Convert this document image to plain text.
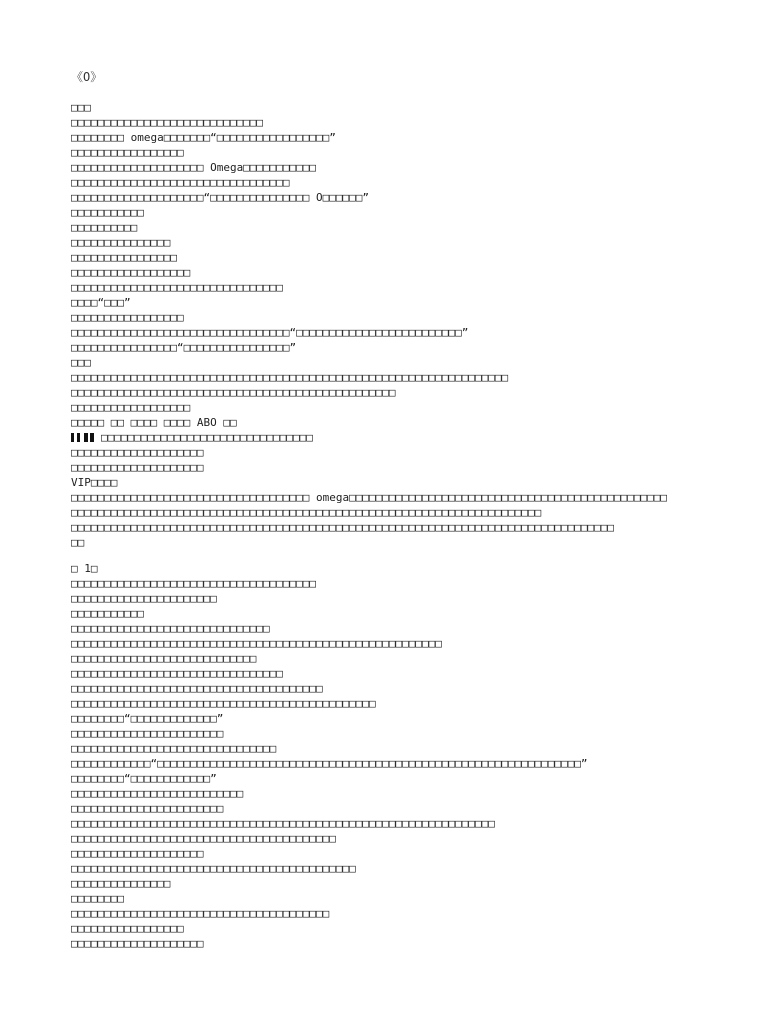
《O》
□□□
□□□□□□□□□□□□□□□□□□□□□□□□□□□□□
□□□□□□□□ omega□□□□□□□“□□□□□□□□□□□□□□□□□”
□□□□□□□□□□□□□□□□□
□□□□□□□□□□□□□□□□□□□□ Omega□□□□□□□□□□□
□□□□□□□□□□□□□□□□□□□□□□□□□□□□□□□□□
□□□□□□□□□□□□□□□□□□□□“□□□□□□□□□□□□□□□ O□□□□□□”
□□□□□□□□□□□
□□□□□□□□□□
□□□□□□□□□□□□□□□
□□□□□□□□□□□□□□□□
□□□□□□□□□□□□□□□□□□
□□□□□□□□□□□□□□□□□□□□□□□□□□□□□□□□
□□□□“□□□”
□□□□□□□□□□□□□□□□□
□□□□□□□□□□□□□□□□□□□□□□□□□□□□□□□□□“□□□□□□□□□□□□□□□□□□□□□□□□□”
□□□□□□□□□□□□□□□□“□□□□□□□□□□□□□□□□”
□□□
□□□□□□□□□□□□□□□□□□□□□□□□□□□□□□□□□□□□□□□□□□□□□□□□□□□□□□□□□□□□□□□□□□
□□□□□□□□□□□□□□□□□□□□□□□□□□□□□□□□□□□□□□□□□□□□□□□□□
□□□□□□□□□□□□□□□□□□
□□□□□ □□ □□□□ □□□□ ABO □□
□□□□□□□□□□□□□□□□□□□□□□□□□□□□□□□□
□□□□□□□□□□□□□□□□□□□□
□□□□□□□□□□□□□□□□□□□□
VIP□□□□
□□□□□□□□□□□□□□□□□□□□□□□□□□□□□□□□□□□□ omega□□□□□□□□□□□□□□□□□□□□□□□□□□□□□□□□□□□□□□□□□□□□□□□□
□□□□□□□□□□□□□□□□□□□□□□□□□□□□□□□□□□□□□□□□□□□□□□□□□□□□□□□□□□□□□□□□□□□□□□□
□□□□□□□□□□□□□□□□□□□□□□□□□□□□□□□□□□□□□□□□□□□□□□□□□□□□□□□□□□□□□□□□□□□□□□□□□□□□□□□□□□
□□
□ 1□
□□□□□□□□□□□□□□□□□□□□□□□□□□□□□□□□□□□□□
□□□□□□□□□□□□□□□□□□□□□□
□□□□□□□□□□□
□□□□□□□□□□□□□□□□□□□□□□□□□□□□□□
□□□□□□□□□□□□□□□□□□□□□□□□□□□□□□□□□□□□□□□□□□□□□□□□□□□□□□□□
□□□□□□□□□□□□□□□□□□□□□□□□□□□□
□□□□□□□□□□□□□□□□□□□□□□□□□□□□□□□□
□□□□□□□□□□□□□□□□□□□□□□□□□□□□□□□□□□□□□□
□□□□□□□□□□□□□□□□□□□□□□□□□□□□□□□□□□□□□□□□□□□□□□
□□□□□□□□“□□□□□□□□□□□□□”
□□□□□□□□□□□□□□□□□□□□□□□
□□□□□□□□□□□□□□□□□□□□□□□□□□□□□□□
□□□□□□□□□□□□“□□□□□□□□□□□□□□□□□□□□□□□□□□□□□□□□□□□□□□□□□□□□□□□□□□□□□□□□□□□□□□□□”
□□□□□□□□“□□□□□□□□□□□□”
□□□□□□□□□□□□□□□□□□□□□□□□□□
□□□□□□□□□□□□□□□□□□□□□□□
□□□□□□□□□□□□□□□□□□□□□□□□□□□□□□□□□□□□□□□□□□□□□□□□□□□□□□□□□□□□□□□□
□□□□□□□□□□□□□□□□□□□□□□□□□□□□□□□□□□□□□□□□
□□□□□□□□□□□□□□□□□□□□
□□□□□□□□□□□□□□□□□□□□□□□□□□□□□□□□□□□□□□□□□□□
□□□□□□□□□□□□□□□
□□□□□□□□
□□□□□□□□□□□□□□□□□□□□□□□□□□□□□□□□□□□□□□□
□□□□□□□□□□□□□□□□□
□□□□□□□□□□□□□□□□□□□□
